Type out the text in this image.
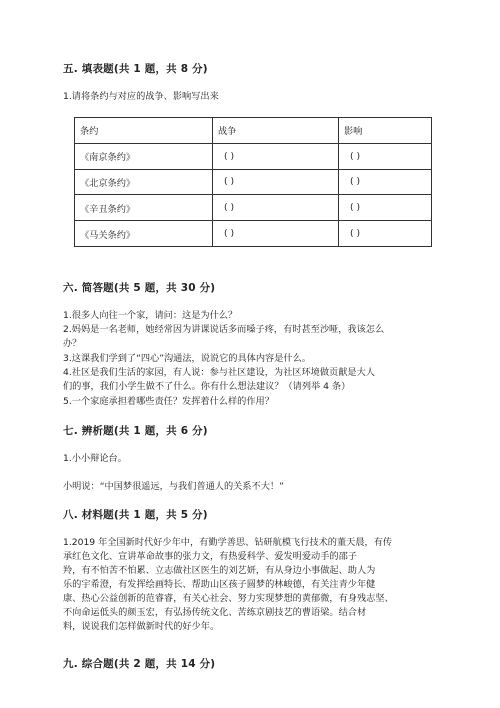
五. 填表题(共 1 题，共 8 分)
1.请将条约与对应的战争、影响写出来
条约	战争	影响
《南京条约》	( )	( )
《北京条约》	( )	( )
《辛丑条约》	( )	( )
《马关条约》	( )	( )
六. 简答题(共 5 题，共 30 分)
1.很多人向往一个家，请问：这是为什么？
2.妈妈是一名老师，她经常因为讲课说话多而嗓子疼，有时甚至沙哑，我该怎么
办？
3.这课我们学到了“四心”沟通法，说说它的具体内容是什么。
4.社区是我们生活的家园，有人说：参与社区建设，为社区环境做贡献是大人
们的事，我们小学生做不了什么。你有什么想法建议？（请列举 4 条）
5.一个家庭承担着哪些责任？发挥着什么样的作用？
七. 辨析题(共 1 题，共 6 分)
1.小小辩论台。
小明说：“中国梦很遥远，与我们普通人的关系不大！”
八. 材料题(共 1 题，共 5 分)
1.2019 年全国新时代好少年中，有勤学善思、钻研航模飞行技术的董天晨，有传
承红色文化、宣讲革命故事的张力文，有热爱科学、爱发明爱动手的邵子
羚，有不怕苦不怕累、立志做社区医生的刘艺妍，有从身边小事做起、助人为
乐的宇希澄，有发挥绘画特长、帮助山区孩子圆梦的林峻德，有关注青少年健
康、热心公益创新的范睿睿，有关心社会、努力实现梦想的黄郁微，有身残志坚、
不向命运低头的颜玉宏，有弘扬传统文化、苦练京剧技艺的曹语梁。结合材
料，说说我们怎样做新时代的好少年。
九. 综合题(共 2 题，共 14 分)
